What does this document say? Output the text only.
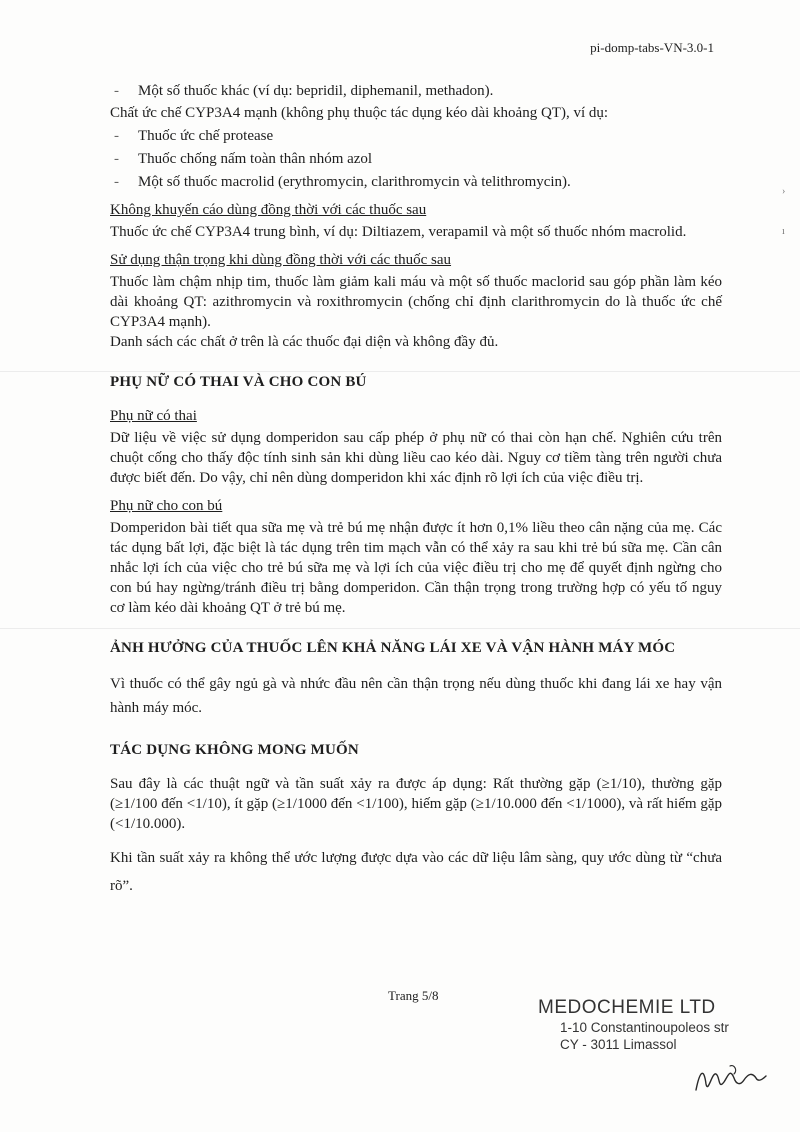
›
ı
pi-domp-tabs-VN-3.0-1

- Một số thuốc khác (ví dụ: bepridil, diphemanil, methadon).

Chất ức chế CYP3A4 mạnh (không phụ thuộc tác dụng kéo dài khoảng QT), ví dụ:

- Thuốc ức chế protease

- Thuốc chống nấm toàn thân nhóm azol

- Một số thuốc macrolid (erythromycin, clarithromycin và telithromycin).

Không khuyến cáo dùng đồng thời với các thuốc sau

Thuốc ức chế CYP3A4 trung bình, ví dụ: Diltiazem, verapamil và một số thuốc nhóm macrolid.

Sử dụng thận trọng khi dùng đồng thời với các thuốc sau

Thuốc làm chậm nhịp tim, thuốc làm giảm kali máu và một số thuốc maclorid sau góp phần làm kéo dài khoảng QT: azithromycin và roxithromycin (chống chỉ định clarithromycin do là thuốc ức chế CYP3A4 mạnh).

Danh sách các chất ở trên là các thuốc đại diện và không đầy đủ.

PHỤ NỮ CÓ THAI VÀ CHO CON BÚ

Phụ nữ có thai

Dữ liệu về việc sử dụng domperidon sau cấp phép ở phụ nữ có thai còn hạn chế. Nghiên cứu trên chuột cống cho thấy độc tính sinh sản khi dùng liều cao kéo dài. Nguy cơ tiềm tàng trên người chưa được biết đến. Do vậy, chỉ nên dùng domperidon khi xác định rõ lợi ích của việc điều trị.

Phụ nữ cho con bú

Domperidon bài tiết qua sữa mẹ và trẻ bú mẹ nhận được ít hơn 0,1% liều theo cân nặng của mẹ. Các tác dụng bất lợi, đặc biệt là tác dụng trên tim mạch vẫn có thể xảy ra sau khi trẻ bú sữa mẹ. Cần cân nhắc lợi ích của việc cho trẻ bú sữa mẹ và lợi ích của việc điều trị cho mẹ để quyết định ngừng cho con bú hay ngừng/tránh điều trị bằng domperidon. Cần thận trọng trong trường hợp có yếu tố nguy cơ làm kéo dài khoảng QT ở trẻ bú mẹ.

ẢNH HƯỞNG CỦA THUỐC LÊN KHẢ NĂNG LÁI XE VÀ VẬN HÀNH MÁY MÓC

Vì thuốc có thể gây ngủ gà và nhức đầu nên cần thận trọng nếu dùng thuốc khi đang lái xe hay vận hành máy móc.

TÁC DỤNG KHÔNG MONG MUỐN

Sau đây là các thuật ngữ và tần suất xảy ra được áp dụng: Rất thường gặp (≥1/10), thường gặp (≥1/100 đến <1/10), ít gặp (≥1/1000 đến <1/100), hiếm gặp (≥1/10.000 đến <1/1000), và rất hiếm gặp (<1/10.000).

Khi tần suất xảy ra không thể ước lượng được dựa vào các dữ liệu lâm sàng, quy ước dùng từ “chưa rõ”.

Trang 5/8
MEDOCHEMIE LTD
1-10 Constantinoupoleos str
CY - 3011 Limassol
